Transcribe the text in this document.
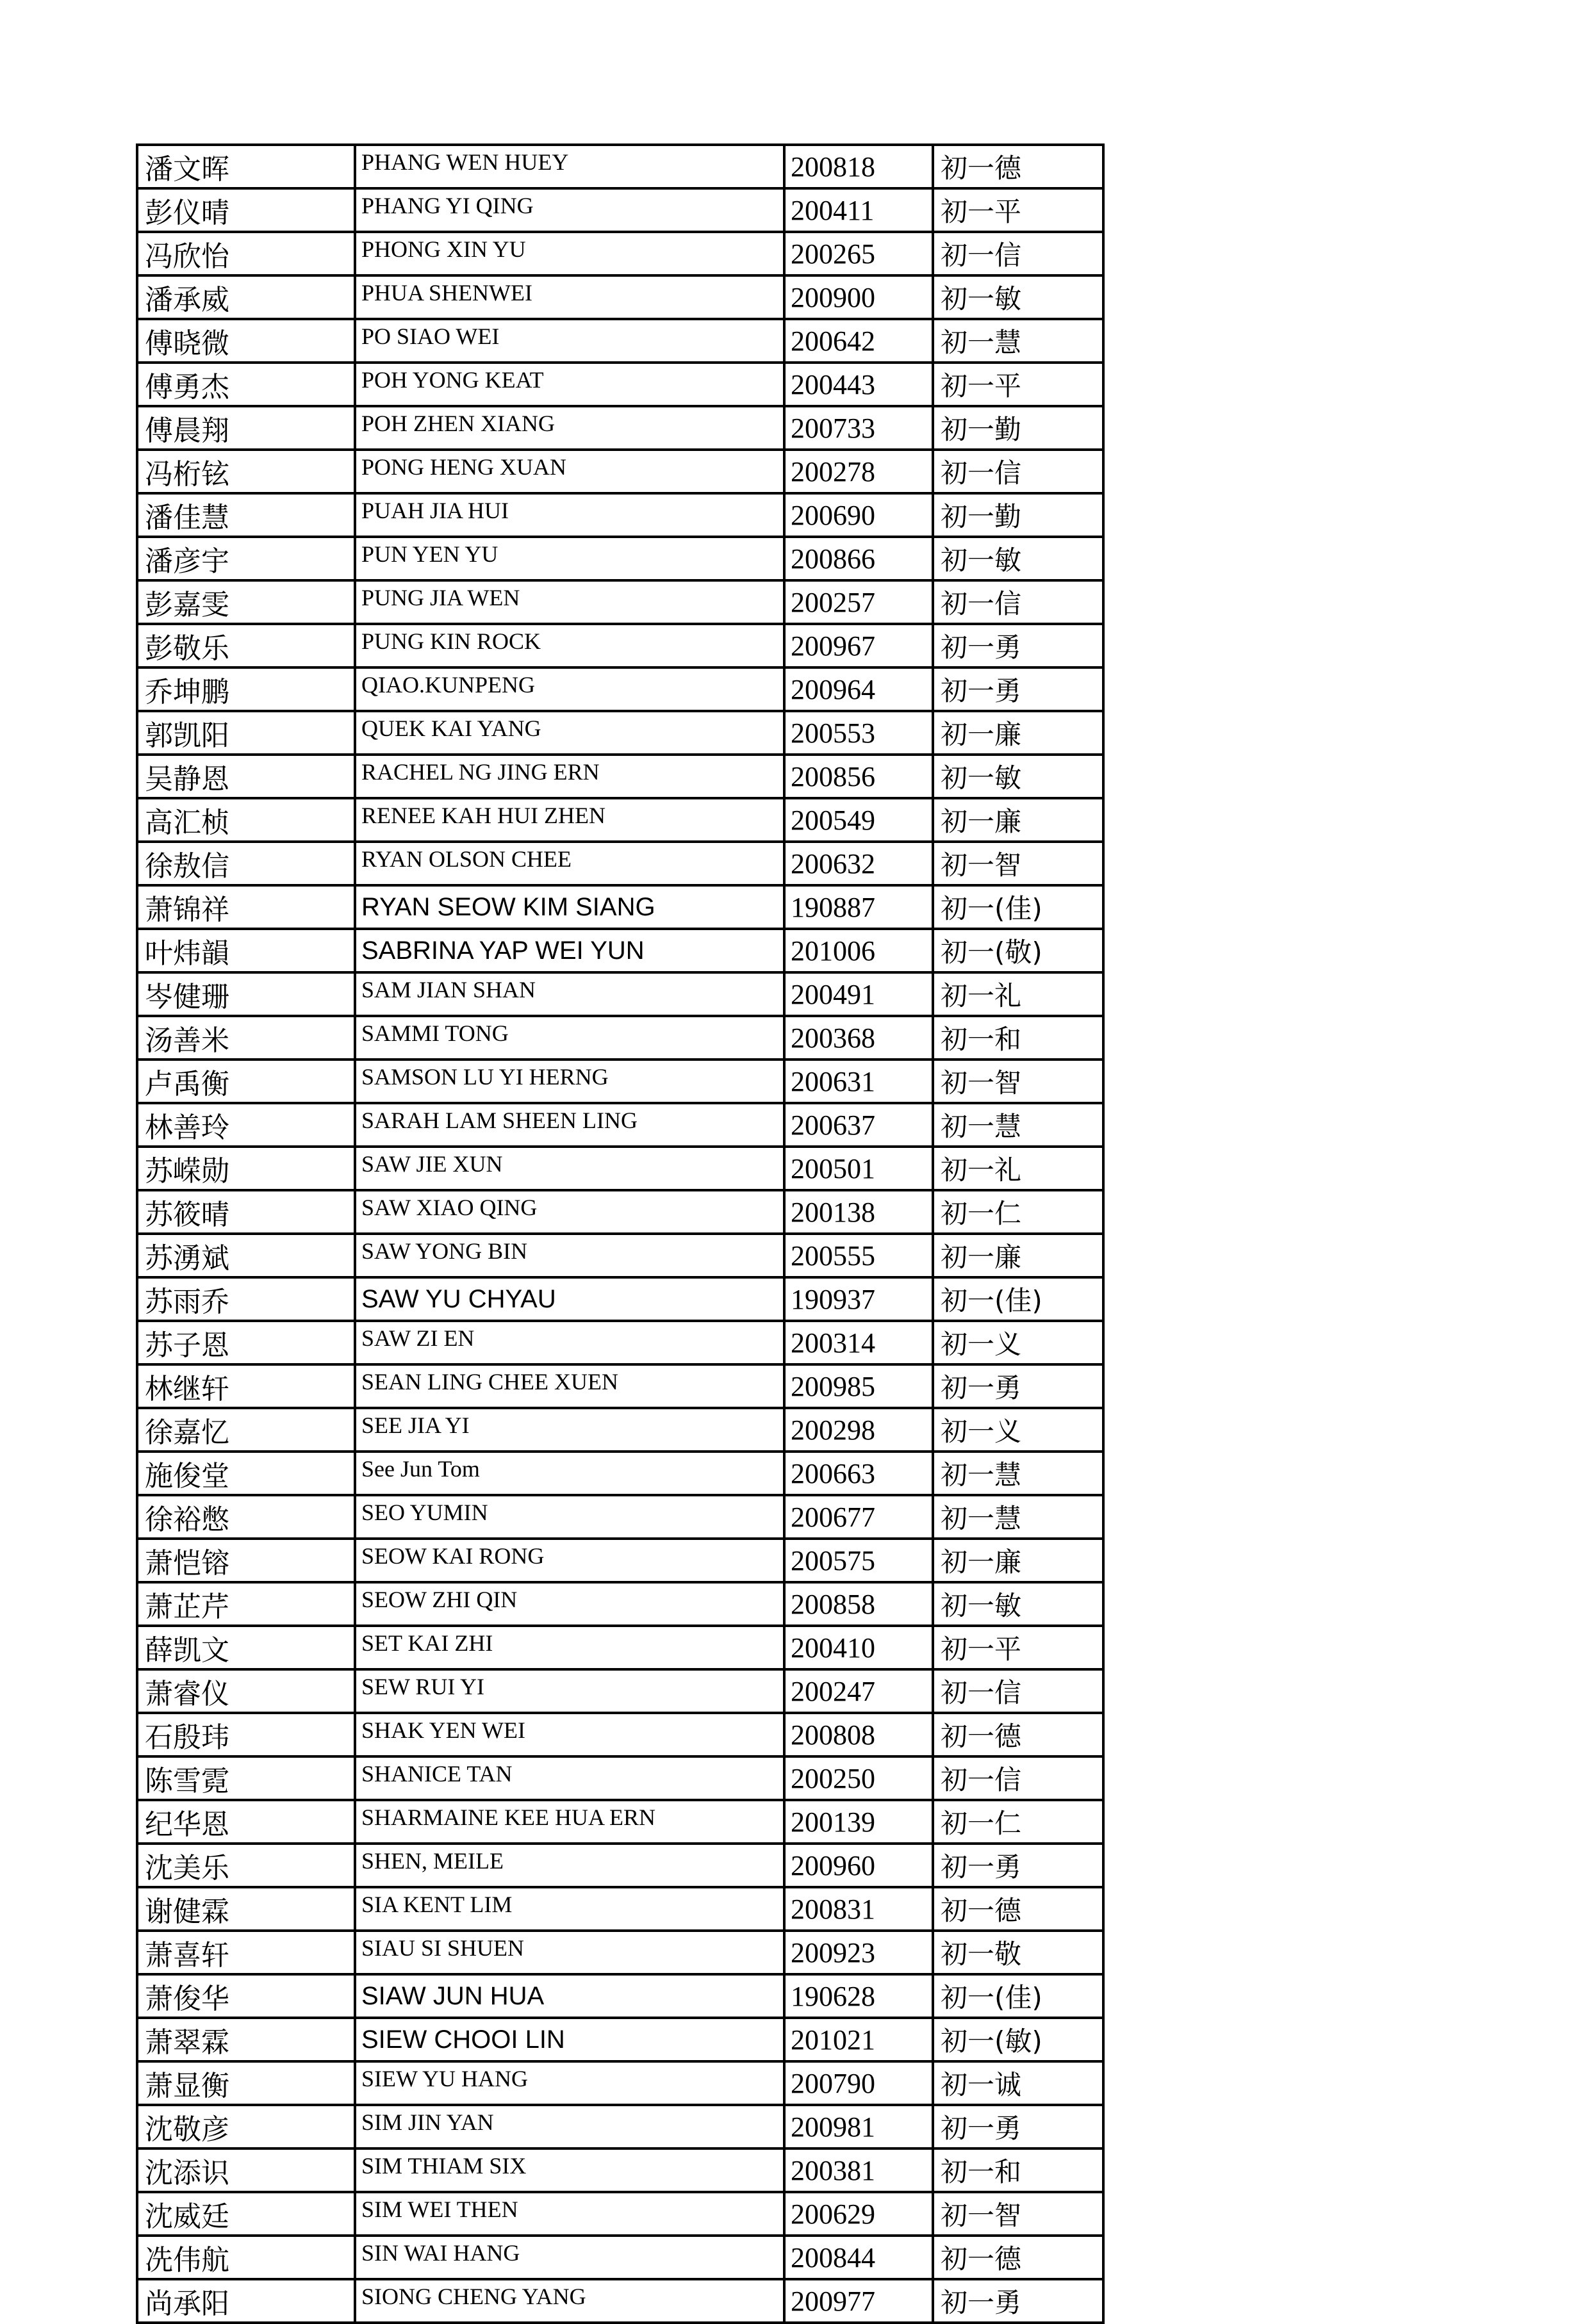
潘文晖	PHANG WEN HUEY	200818	初一德
彭仪晴	PHANG YI QING	200411	初一平
冯欣怡	PHONG XIN YU	200265	初一信
潘承威	PHUA SHENWEI	200900	初一敏
傅晓微	PO SIAO WEI	200642	初一慧
傅勇杰	POH YONG KEAT	200443	初一平
傅晨翔	POH ZHEN XIANG	200733	初一勤
冯桁铉	PONG HENG XUAN	200278	初一信
潘佳慧	PUAH JIA HUI	200690	初一勤
潘彦宇	PUN YEN YU	200866	初一敏
彭嘉雯	PUNG JIA WEN	200257	初一信
彭敬乐	PUNG KIN ROCK	200967	初一勇
乔坤鹏	QIAO.KUNPENG	200964	初一勇
郭凯阳	QUEK KAI YANG	200553	初一廉
吴静恩	RACHEL NG JING ERN	200856	初一敏
高汇桢	RENEE KAH HUI ZHEN	200549	初一廉
徐敖信	RYAN OLSON CHEE	200632	初一智
萧锦祥	RYAN SEOW KIM SIANG	190887	初一(佳)
叶炜韻	SABRINA YAP WEI YUN	201006	初一(敬)
岑健珊	SAM JIAN SHAN	200491	初一礼
汤善米	SAMMI TONG	200368	初一和
卢禹衡	SAMSON LU YI HERNG	200631	初一智
林善玲	SARAH LAM SHEEN LING	200637	初一慧
苏嵘勋	SAW JIE XUN	200501	初一礼
苏筱晴	SAW XIAO QING	200138	初一仁
苏湧斌	SAW YONG BIN	200555	初一廉
苏雨乔	SAW YU CHYAU	190937	初一(佳)
苏子恩	SAW ZI EN	200314	初一义
林继轩	SEAN LING CHEE XUEN	200985	初一勇
徐嘉忆	SEE JIA YI	200298	初一义
施俊堂	See Jun Tom	200663	初一慧
徐裕憋	SEO YUMIN	200677	初一慧
萧恺镕	SEOW KAI RONG	200575	初一廉
萧芷芹	SEOW ZHI QIN	200858	初一敏
薛凯文	SET KAI ZHI	200410	初一平
萧睿仪	SEW RUI YI	200247	初一信
石殷玮	SHAK YEN WEI	200808	初一德
陈雪霓	SHANICE TAN	200250	初一信
纪华恩	SHARMAINE KEE HUA ERN	200139	初一仁
沈美乐	SHEN, MEILE	200960	初一勇
谢健霖	SIA KENT LIM	200831	初一德
萧喜轩	SIAU SI SHUEN	200923	初一敬
萧俊华	SIAW JUN HUA	190628	初一(佳)
萧翠霖	SIEW CHOOI LIN	201021	初一(敏)
萧显衡	SIEW YU HANG	200790	初一诚
沈敬彦	SIM JIN YAN	200981	初一勇
沈添识	SIM THIAM SIX	200381	初一和
沈威廷	SIM WEI THEN	200629	初一智
冼伟航	SIN WAI HANG	200844	初一德
尚承阳	SIONG CHENG YANG	200977	初一勇
